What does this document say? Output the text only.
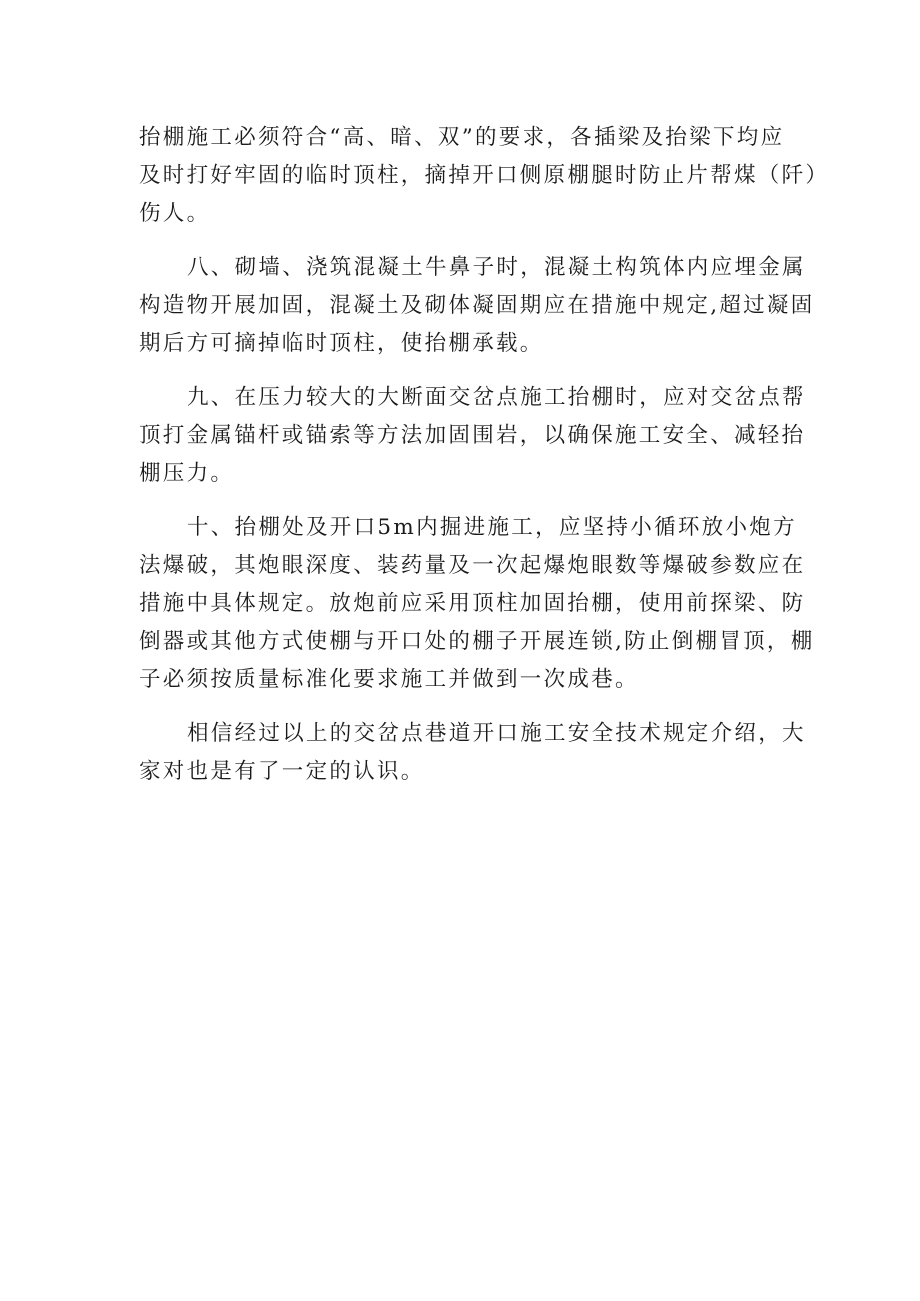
抬棚施工必须符合“高、暗、双”的要求，各插梁及抬梁下均应
及时打好牢固的临时顶柱，摘掉开口侧原棚腿时防止片帮煤（阡）
伤人。

八、砌墙、浇筑混凝土牛鼻子时，混凝土构筑体内应埋金属
构造物开展加固，混凝土及砌体凝固期应在措施中规定,超过凝固
期后方可摘掉临时顶柱，使抬棚承载。

九、在压力较大的大断面交岔点施工抬棚时，应对交岔点帮
顶打金属锚杆或锚索等方法加固围岩，以确保施工安全、减轻抬
棚压力。

十、抬棚处及开口5m内掘进施工，应坚持小循环放小炮方
法爆破，其炮眼深度、装药量及一次起爆炮眼数等爆破参数应在
措施中具体规定。放炮前应采用顶柱加固抬棚，使用前探梁、防
倒器或其他方式使棚与开口处的棚子开展连锁,防止倒棚冒顶，棚
子必须按质量标准化要求施工并做到一次成巷。

相信经过以上的交岔点巷道开口施工安全技术规定介绍，大
家对也是有了一定的认识。
